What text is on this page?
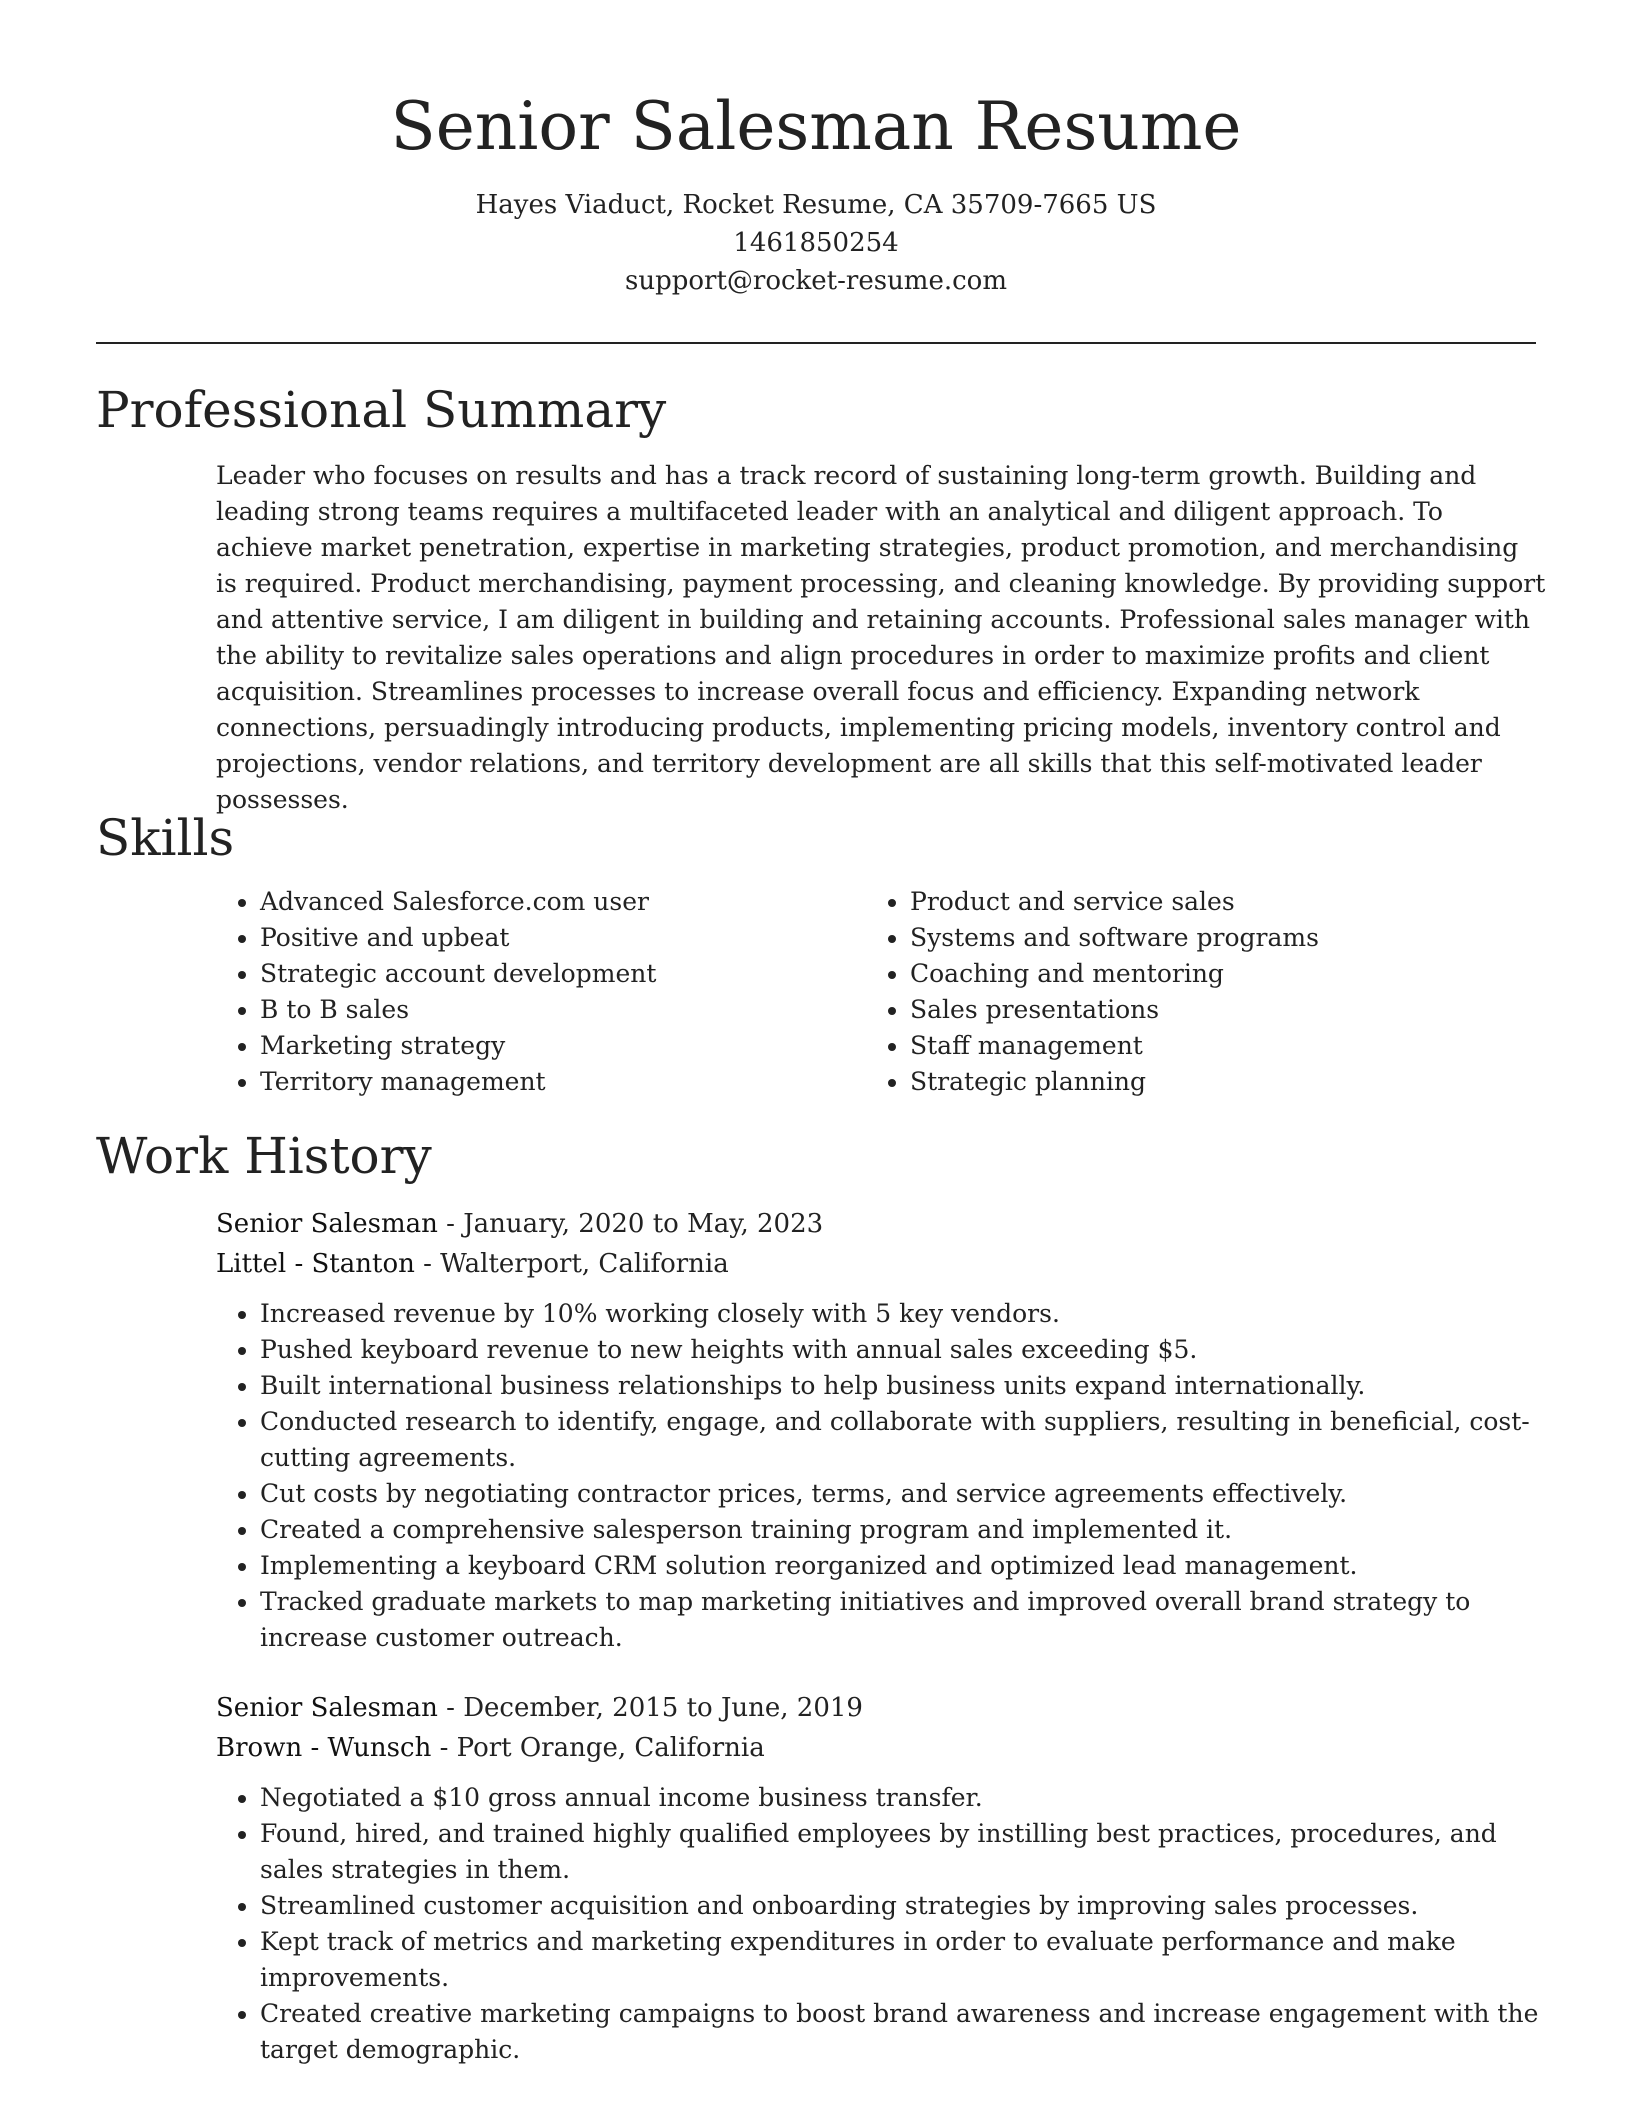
Senior Salesman Resume
Hayes Viaduct, Rocket Resume, CA 35709-7665 US
1461850254
support@rocket-resume.com
Professional Summary

Leader who focuses on results and has a track record of sustaining long-term growth. Building and leading strong teams requires a multifaceted leader with an analytical and diligent approach. To achieve market penetration, expertise in marketing strategies, product promotion, and merchandising is required. Product merchandising, payment processing, and cleaning knowledge. By providing support and attentive service, I am diligent in building and retaining accounts. Professional sales manager with the ability to revitalize sales operations and align procedures in order to maximize profits and client acquisition. Streamlines processes to increase overall focus and efficiency. Expanding network connections, persuadingly introducing products, implementing pricing models, inventory control and projections, vendor relations, and territory development are all skills that this self-motivated leader possesses.

Skills
• Advanced Salesforce.com user
• Positive and upbeat
• Strategic account development
• B to B sales
• Marketing strategy
• Territory management
• Product and service sales
• Systems and software programs
• Coaching and mentoring
• Sales presentations
• Staff management
• Strategic planning
Work History
Senior Salesman - January, 2020 to May, 2023
Littel - Stanton - Walterport, California
• Increased revenue by 10% working closely with 5 key vendors.
• Pushed keyboard revenue to new heights with annual sales exceeding $5.
• Built international business relationships to help business units expand internationally.
• Conducted research to identify, engage, and collaborate with suppliers, resulting in beneficial, cost-cutting agreements.
• Cut costs by negotiating contractor prices, terms, and service agreements effectively.
• Created a comprehensive salesperson training program and implemented it.
• Implementing a keyboard CRM solution reorganized and optimized lead management.
• Tracked graduate markets to map marketing initiatives and improved overall brand strategy to increase customer outreach.
Senior Salesman - December, 2015 to June, 2019
Brown - Wunsch - Port Orange, California
• Negotiated a $10 gross annual income business transfer.
• Found, hired, and trained highly qualified employees by instilling best practices, procedures, and sales strategies in them.
• Streamlined customer acquisition and onboarding strategies by improving sales processes.
• Kept track of metrics and marketing expenditures in order to evaluate performance and make improvements.
• Created creative marketing campaigns to boost brand awareness and increase engagement with the target demographic.
